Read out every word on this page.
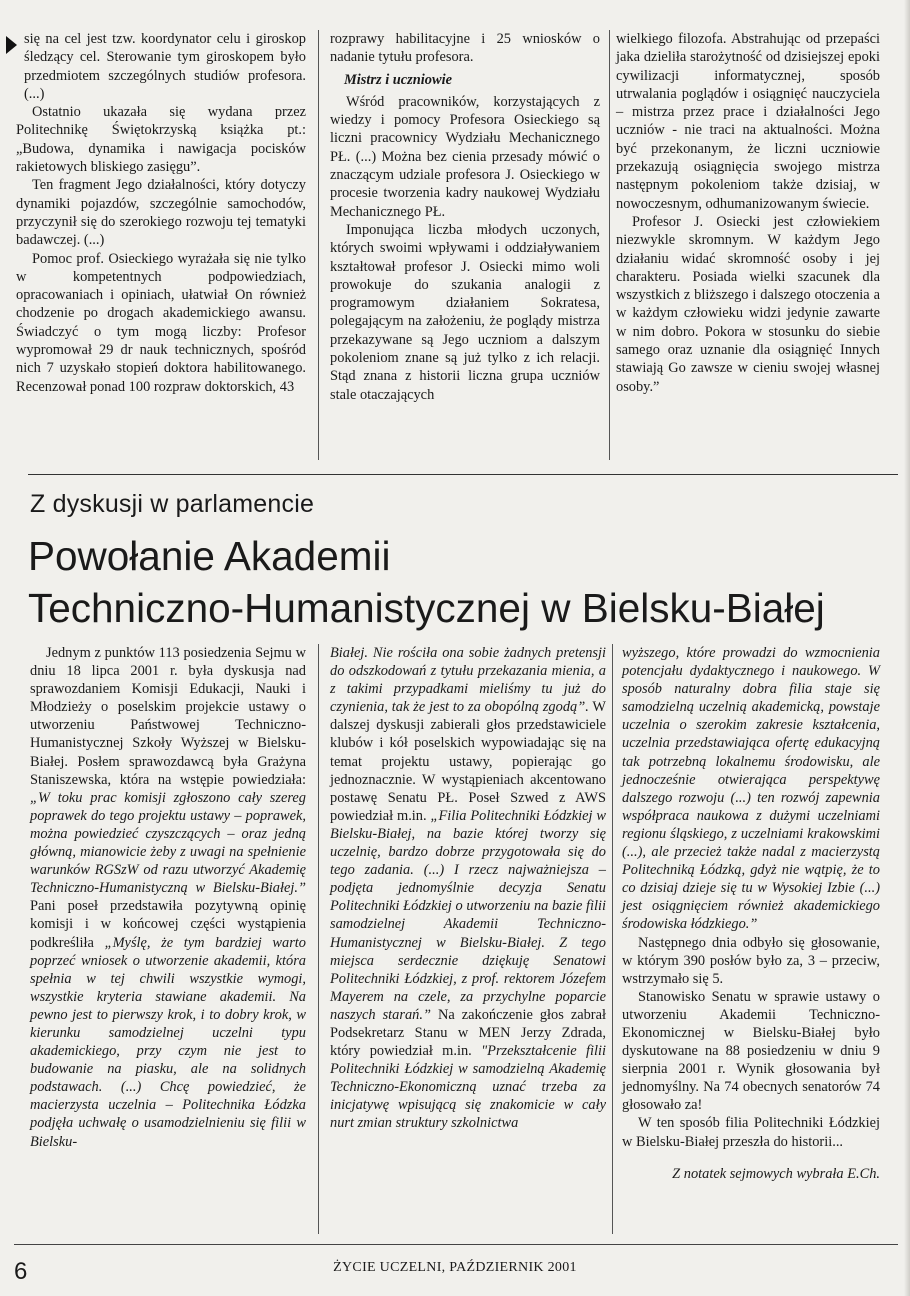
się na cel jest tzw. koordynator celu i giroskop śledzący cel. Sterowanie tym giroskopem było przedmiotem szczególnych studiów profesora. (...)

Ostatnio ukazała się wydana przez Politechnikę Świętokrzyską książka pt.: „Budowa, dynamika i nawigacja pocisków rakietowych bliskiego zasięgu”.

Ten fragment Jego działalności, który dotyczy dynamiki pojazdów, szczególnie samochodów, przyczynił się do szerokiego rozwoju tej tematyki badawczej. (...)

Pomoc prof. Osieckiego wyrażała się nie tylko w kompetentnych podpowiedziach, opracowaniach i opiniach, ułatwiał On również chodzenie po drogach akademickiego awansu. Świadczyć o tym mogą liczby: Profesor wypromował 29 dr nauk technicznych, spośród nich 7 uzyskało stopień doktora habilitowanego. Recenzował ponad 100 rozpraw doktorskich, 43

rozprawy habilitacyjne i 25 wniosków o nadanie tytułu profesora.

Mistrz i uczniowie

Wśród pracowników, korzystających z wiedzy i pomocy Profesora Osieckiego są liczni pracownicy Wydziału Mechanicznego PŁ. (...) Można bez cienia przesady mówić o znaczącym udziale profesora J. Osieckiego w procesie tworzenia kadry naukowej Wydziału Mechanicznego PŁ.

Imponująca liczba młodych uczonych, których swoimi wpływami i oddziaływaniem kształtował profesor J. Osiecki mimo woli prowokuje do szukania analogii z programowym działaniem Sokratesa, polegającym na założeniu, że poglądy mistrza przekazywane są Jego uczniom a dalszym pokoleniom znane są już tylko z ich relacji. Stąd znana z historii liczna grupa uczniów stale otaczających

wielkiego filozofa. Abstrahując od przepaści jaka dzieliła starożytność od dzisiejszej epoki cywilizacji informatycznej, sposób utrwalania poglądów i osiągnięć nauczyciela – mistrza przez prace i działalności Jego uczniów - nie traci na aktualności. Można być przekonanym, że liczni uczniowie przekazują osiągnięcia swojego mistrza następnym pokoleniom także dzisiaj, w nowoczesnym, odhumanizowanym świecie.

Profesor J. Osiecki jest człowiekiem niezwykle skromnym. W każdym Jego działaniu widać skromność osoby i jej charakteru. Posiada wielki szacunek dla wszystkich z bliższego i dalszego otoczenia a w każdym człowieku widzi jedynie zawarte w nim dobro. Pokora w stosunku do siebie samego oraz uznanie dla osiągnięć Innych stawiają Go zawsze w cieniu swojej własnej osoby.”

Z dyskusji w parlamencie
Powołanie Akademii
Techniczno-Humanistycznej w Bielsku-Białej

Jednym z punktów 113 posiedzenia Sejmu w dniu 18 lipca 2001 r. była dyskusja nad sprawozdaniem Komisji Edukacji, Nauki i Młodzieży o poselskim projekcie ustawy o utworzeniu Państwowej Techniczno-Humanistycznej Szkoły Wyższej w Bielsku-Białej. Posłem sprawozdawcą była Grażyna Staniszewska, która na wstępie powiedziała: „W toku prac komisji zgłoszono cały szereg poprawek do tego projektu ustawy – poprawek, można powiedzieć czyszczących – oraz jedną główną, mianowicie żeby z uwagi na spełnienie warunków RGSzW od razu utworzyć Akademię Techniczno-Humanistyczną w Bielsku-Białej.” Pani poseł przedstawiła pozytywną opinię komisji i w końcowej części wystąpienia podkreśliła „Myślę, że tym bardziej warto poprzeć wniosek o utworzenie akademii, która spełnia w tej chwili wszystkie wymogi, wszystkie kryteria stawiane akademii. Na pewno jest to pierwszy krok, i to dobry krok, w kierunku samodzielnej uczelni typu akademickiego, przy czym nie jest to budowanie na piasku, ale na solidnych podstawach. (...) Chcę powiedzieć, że macierzysta uczelnia – Politechnika Łódzka podjęła uchwałę o usamodzielnieniu się filii w Bielsku-

Białej. Nie rościła ona sobie żadnych pretensji do odszkodowań z tytułu przekazania mienia, a z takimi przypadkami mieliśmy tu już do czynienia, tak że jest to za obopólną zgodą”. W dalszej dyskusji zabierali głos przedstawiciele klubów i kół poselskich wypowiadając się na temat projektu ustawy, popierając go jednoznacznie. W wystąpieniach akcentowano postawę Senatu PŁ. Poseł Szwed z AWS powiedział m.in. „Filia Politechniki Łódzkiej w Bielsku-Białej, na bazie której tworzy się uczelnię, bardzo dobrze przygotowała się do tego zadania. (...) I rzecz najważniejsza – podjęta jednomyślnie decyzja Senatu Politechniki Łódzkiej o utworzeniu na bazie filii samodzielnej Akademii Techniczno-Humanistycznej w Bielsku-Białej. Z tego miejsca serdecznie dziękuję Senatowi Politechniki Łódzkiej, z prof. rektorem Józefem Mayerem na czele, za przychylne poparcie naszych starań.” Na zakończenie głos zabrał Podsekretarz Stanu w MEN Jerzy Zdrada, który powiedział m.in. "Przekształcenie filii Politechniki Łódzkiej w samodzielną Akademię Techniczno-Ekonomiczną uznać trzeba za inicjatywę wpisującą się znakomicie w cały nurt zmian struktury szkolnictwa

wyższego, które prowadzi do wzmocnienia potencjału dydaktycznego i naukowego. W sposób naturalny dobra filia staje się samodzielną uczelnią akademicką, powstaje uczelnia o szerokim zakresie kształcenia, uczelnia przedstawiająca ofertę edukacyjną tak potrzebną lokalnemu środowisku, ale jednocześnie otwierająca perspektywę dalszego rozwoju (...) ten rozwój zapewnia współpraca naukowa z dużymi uczelniami regionu śląskiego, z uczelniami krakowskimi (...), ale przecież także nadal z macierzystą Politechniką Łódzką, gdyż nie wątpię, że to co dzisiaj dzieje się tu w Wysokiej Izbie (...) jest osiągnięciem również akademickiego środowiska łódzkiego.”

Następnego dnia odbyło się głosowanie, w którym 390 posłów było za, 3 – przeciw, wstrzymało się 5.

Stanowisko Senatu w sprawie ustawy o utworzeniu Akademii Techniczno-Ekonomicznej w Bielsku-Białej było dyskutowane na 88 posiedzeniu w dniu 9 sierpnia 2001 r. Wynik głosowania był jednomyślny. Na 74 obecnych senatorów 74 głosowało za!

W ten sposób filia Politechniki Łódzkiej w Bielsku-Białej przeszła do historii...

Z notatek sejmowych wybrała E.Ch.

6	ŻYCIE UCZELNI, PAŹDZIERNIK 2001
